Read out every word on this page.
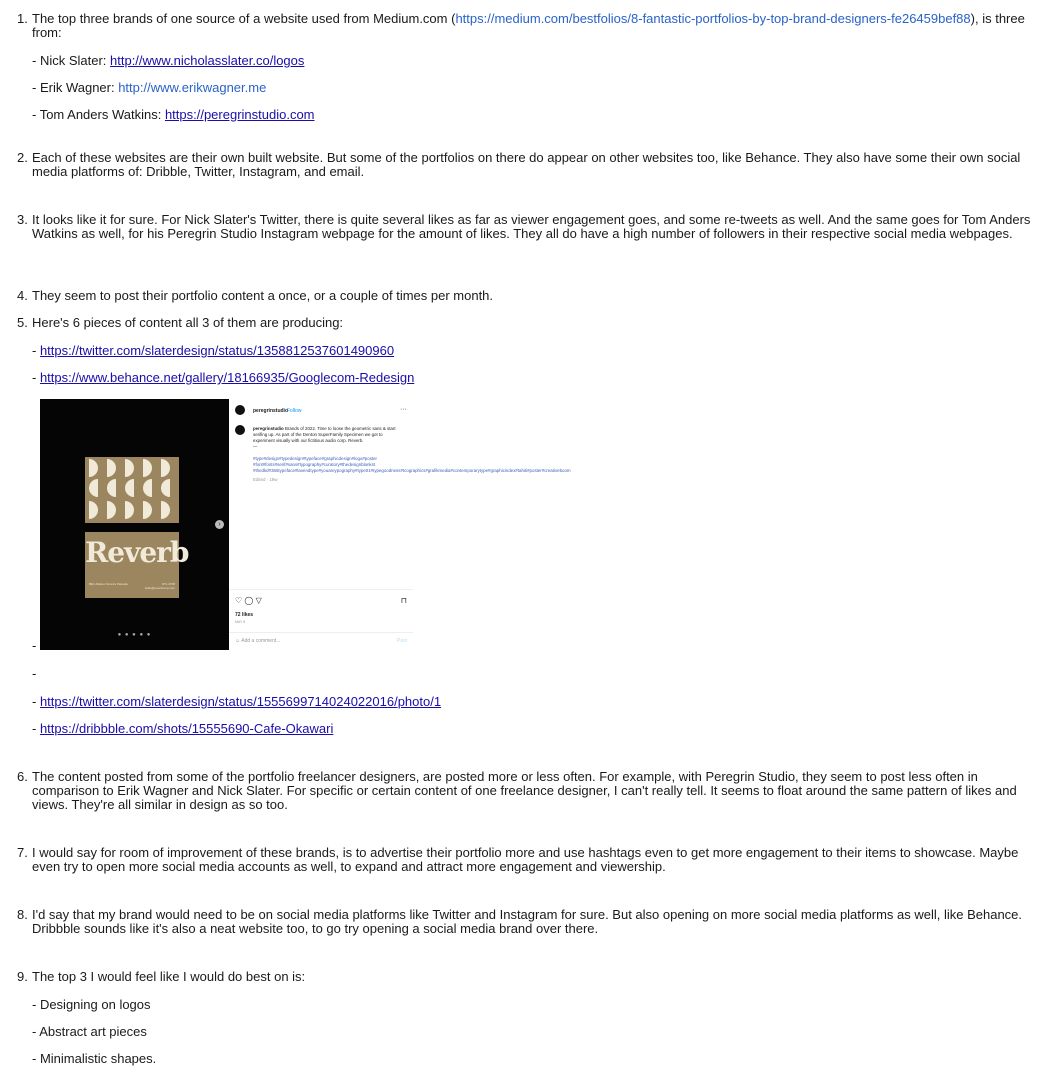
1. The top three brands of one source of a website used from Medium.com (https://medium.com/bestfolios/8-fantastic-portfolios-by-top-brand-designers-fe26459bef88), is three from:
- Nick Slater: http://www.nicholasslater.co/logos
- Erik Wagner: http://www.erikwagner.me
- Tom Anders Watkins: https://peregrinstudio.com
2. Each of these websites are their own built website. But some of the portfolios on there do appear on other websites too, like Behance. They also have some their own social media platforms of: Dribble, Twitter, Instagram, and email.
3. It looks like it for sure. For Nick Slater's Twitter, there is quite several likes as far as viewer engagement goes, and some re-tweets as well. And the same goes for Tom Anders Watkins as well, for his Peregrin Studio Instagram webpage for the amount of likes. They all do have a high number of followers in their respective social media webpages.
4. They seem to post their portfolio content a once, or a couple of times per month.
5. Here's 6 pieces of content all 3 of them are producing:
- https://twitter.com/slaterdesign/status/1358812537601490960
- https://www.behance.net/gallery/18166935/Googlecom-Redesign
-
-
- https://twitter.com/slaterdesign/status/1555699714024022016/photo/1
- https://dribbble.com/shots/15555690-Cafe-Okawari
6. The content posted from some of the portfolio freelancer designers, are posted more or less often. For example, with Peregrin Studio, they seem to post less often in comparison to Erik Wagner and Nick Slater. For specific or certain content of one freelance designer, I can't really tell. It seems to float around the same pattern of likes and views. They're all similar in design as so too.
7. I would say for room of improvement of these brands, is to advertise their portfolio more and use hashtags even to get more engagement to their items to showcase. Maybe even try to open more social media accounts as well, to expand and attract more engagement and viewership.
8. I'd say that my brand would need to be on social media platforms like Twitter and Instagram for sure. But also opening on more social media platforms as well, like Behance. Dribbble sounds like it's also a neat website too, to go try opening a social media brand over there.
9. The top 3 I would feel like I would do best on is:
- Designing on logos
- Abstract art pieces
- Minimalistic shapes.
Reverb
Blitz Ableton Sonora Parasite	RTL 2708 hello@reverbcorp.com
›
● ● ● ● ●
peregrinstudio
Follow	···
peregrinstudio Brands of 2022. Time to loose the geometric sans & start serifing up. As part of the Denton SuperFamily Specimen we got to experiment visually with our fictitious audio corp. Reverb.
—
#type#design#typedesign#typeface#graphicdesign#logo#poster #font#fonts#serif#sans#typography#curatory#thedesignblankst #thedkd#365typeface#lavendtype#youareypography#type01#typegoodness#tcographics#grafikmedia#contemporarytype#graphicindex#tahiti#poster#creativeboom
Edited · 19w
♡ ◯ ▽	⊓
72 likes
MAY 8
☺ Add a comment...	Post
